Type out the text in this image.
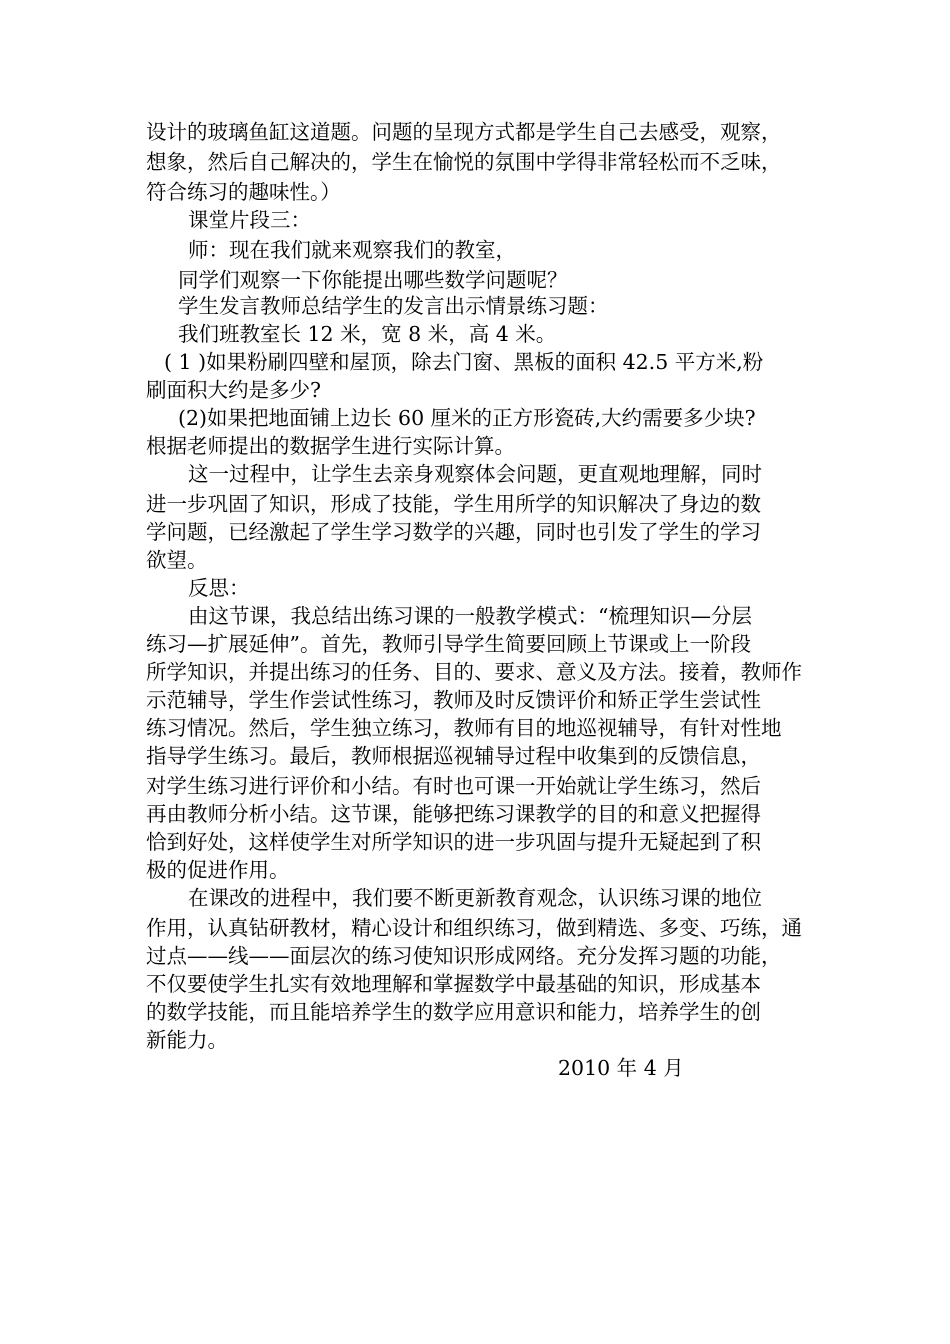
设计的玻璃鱼缸这道题。问题的呈现方式都是学生自己去感受，观察，
想象，然后自己解决的，学生在愉悦的氛围中学得非常轻松而不乏味，
符合练习的趣味性。）
课堂片段三：
师：现在我们就来观察我们的教室，
同学们观察一下你能提出哪些数学问题呢？
学生发言教师总结学生的发言出示情景练习题：
我们班教室长 12 米，宽 8 米，高 4 米。
( 1 )如果粉刷四壁和屋顶，除去门窗、黑板的面积 42.5 平方米,粉
刷面积大约是多少?
(2)如果把地面铺上边长 60 厘米的正方形瓷砖,大约需要多少块?
根据老师提出的数据学生进行实际计算。
这一过程中，让学生去亲身观察体会问题，更直观地理解，同时
进一步巩固了知识，形成了技能，学生用所学的知识解决了身边的数
学问题，已经激起了学生学习数学的兴趣，同时也引发了学生的学习
欲望。
反思：
由这节课，我总结出练习课的一般教学模式：“梳理知识—分层
练习—扩展延伸”。首先，教师引导学生简要回顾上节课或上一阶段
所学知识，并提出练习的任务、目的、要求、意义及方法。接着，教师作
示范辅导，学生作尝试性练习，教师及时反馈评价和矫正学生尝试性
练习情况。然后，学生独立练习，教师有目的地巡视辅导，有针对性地
指导学生练习。最后，教师根据巡视辅导过程中收集到的反馈信息，
对学生练习进行评价和小结。有时也可课一开始就让学生练习，然后
再由教师分析小结。这节课，能够把练习课教学的目的和意义把握得
恰到好处，这样使学生对所学知识的进一步巩固与提升无疑起到了积
极的促进作用。
在课改的进程中，我们要不断更新教育观念，认识练习课的地位
作用，认真钻研教材，精心设计和组织练习，做到精选、多变、巧练，通
过点——线——面层次的练习使知识形成网络。充分发挥习题的功能，
不仅要使学生扎实有效地理解和掌握数学中最基础的知识，形成基本
的数学技能，而且能培养学生的数学应用意识和能力，培养学生的创
新能力。
2010 年 4 月
